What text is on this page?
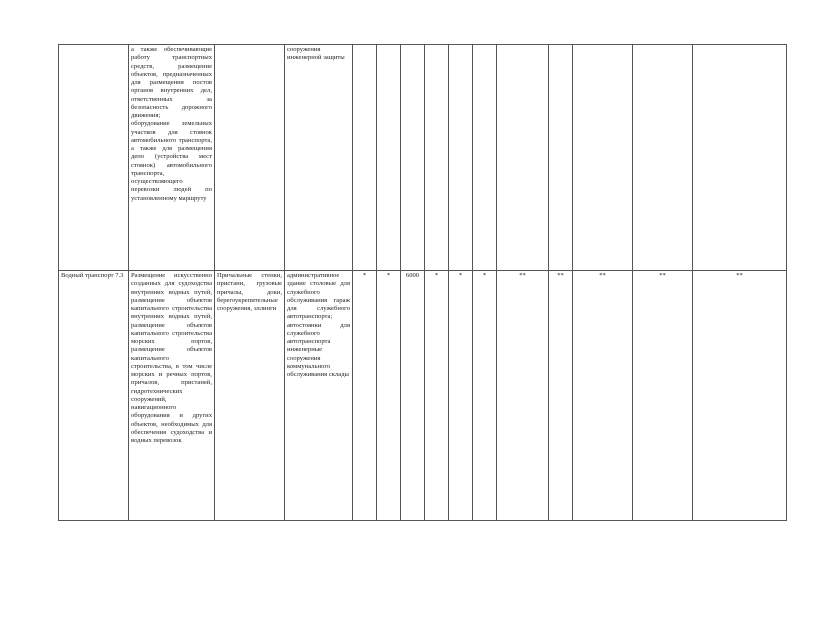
	а также обеспечивающие работу транспортных средств, размещение объектов, предназначенных для размещения постов органов внутренних дел, ответственных за безопасность дорожного движения;
оборудование земельных участков для стоянок автомобильного транспорта, а также для размещения депо (устройства мест стоянок) автомобильного транспорта, осуществляющего перевозки людей по установленному маршруту		сооружения инженерной защиты											
Водный транспорт 7.3	Размещение искусственно созданных для судоходства внутренних водных путей, размещение объектов капитального строительства внутренних водных путей, размещение объектов капитального строительства морских портов, размещение объектов капитального строительства, в том числе морских и речных портов, причалов, пристаней, гидротехнических сооружений, навигационного оборудования и других объектов, необходимых для обеспечения судоходства и водных перевозок	Причальные стенки, пристани, грузовые причалы, доки, берегоукрепительные сооружения, эллинги	административное здание столовые для служебного обслуживания гараж для служебного автотранспорта; автостоянки для служебного автотранспорта инженерные сооружения коммунального обслуживания склады	*	*	6000	*	*	*	**	**	**	**	**
